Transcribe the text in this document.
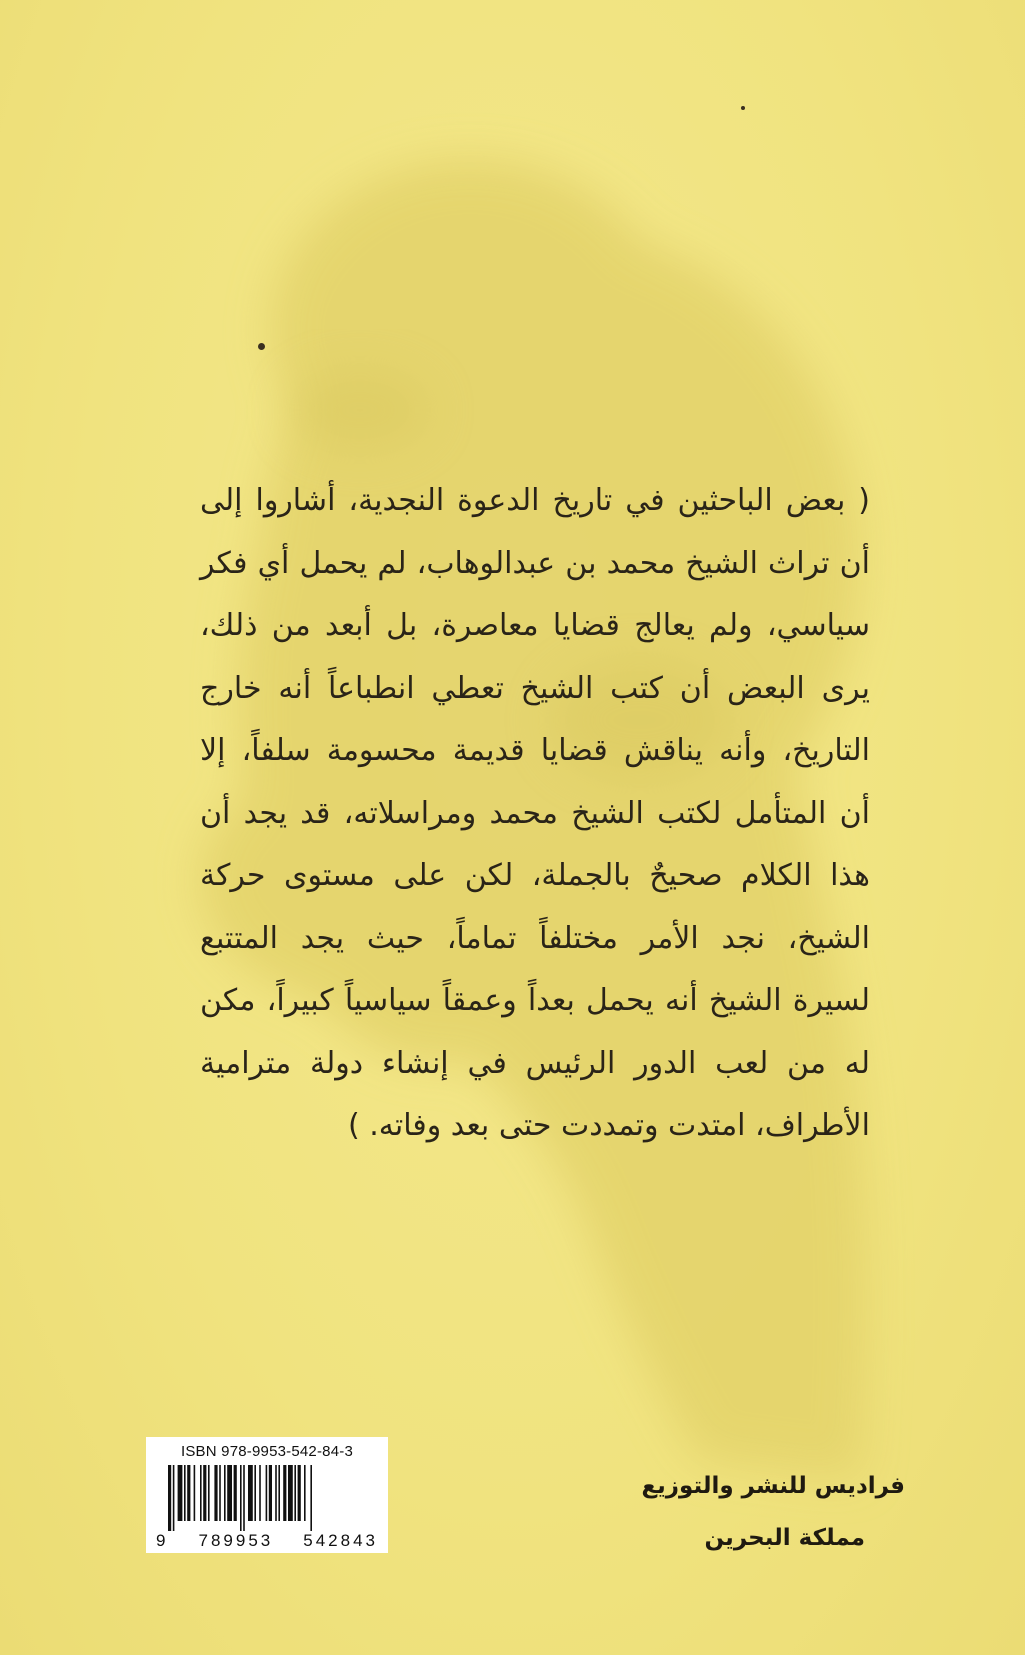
( بعض الباحثين في تاريخ الدعوة النجدية، أشاروا إلى
أن تراث الشيخ محمد بن عبدالوهاب، لم يحمل أي فكر
سياسي، ولم يعالج قضايا معاصرة، بل أبعد من ذلك،
يرى البعض أن كتب الشيخ تعطي انطباعاً أنه خارج
التاريخ، وأنه يناقش قضايا قديمة محسومة سلفاً، إلا
أن المتأمل لكتب الشيخ محمد ومراسلاته، قد يجد أن
هذا الكلام صحيحٌ بالجملة، لكن على مستوى حركة
الشيخ، نجد الأمر مختلفاً تماماً، حيث يجد المتتبع
لسيرة الشيخ أنه يحمل بعداً وعمقاً سياسياً كبيراً، مكن
له من لعب الدور الرئيس في إنشاء دولة مترامية
الأطراف، امتدت وتمددت حتى بعد وفاته. )
ISBN 978-9953-542-84-3
9 789953 542843
فراديس للنشر والتوزيع
مملكة البحرين
